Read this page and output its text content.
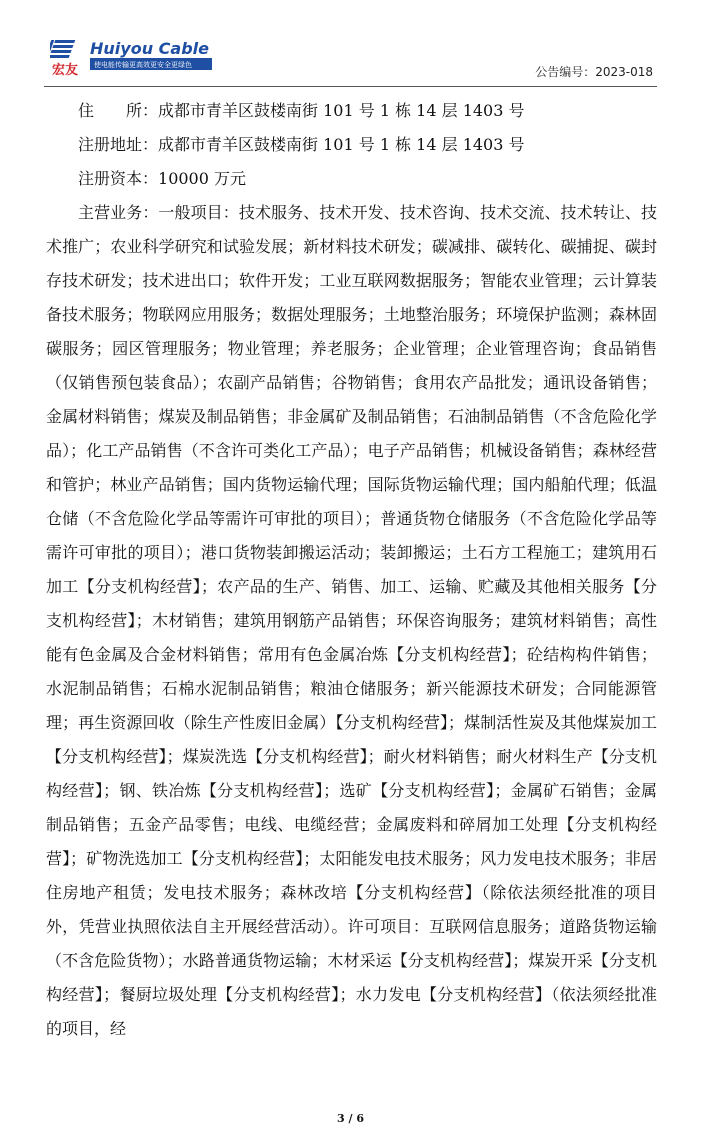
宏友
Huiyou Cable
使电能传输更高效更安全更绿色	公告编号：2023-018
住　　所：成都市青羊区鼓楼南街 101 号 1 栋 14 层 1403 号
注册地址：成都市青羊区鼓楼南街 101 号 1 栋 14 层 1403 号
注册资本：10000 万元

主营业务：一般项目：技术服务、技术开发、技术咨询、技术交流、技术转让、技术推广；农业科学研究和试验发展；新材料技术研发；碳减排、碳转化、碳捕捉、碳封存技术研发；技术进出口；软件开发；工业互联网数据服务；智能农业管理；云计算装备技术服务；物联网应用服务；数据处理服务；土地整治服务；环境保护监测；森林固碳服务；园区管理服务；物业管理；养老服务；企业管理；企业管理咨询；食品销售（仅销售预包装食品）；农副产品销售；谷物销售；食用农产品批发；通讯设备销售；金属材料销售；煤炭及制品销售；非金属矿及制品销售；石油制品销售（不含危险化学品）；化工产品销售（不含许可类化工产品）；电子产品销售；机械设备销售；森林经营和管护；林业产品销售；国内货物运输代理；国际货物运输代理；国内船舶代理；低温仓储（不含危险化学品等需许可审批的项目）；普通货物仓储服务（不含危险化学品等需许可审批的项目）；港口货物装卸搬运活动；装卸搬运；土石方工程施工；建筑用石加工【分支机构经营】；农产品的生产、销售、加工、运输、贮藏及其他相关服务【分支机构经营】；木材销售；建筑用钢筋产品销售；环保咨询服务；建筑材料销售；高性能有色金属及合金材料销售；常用有色金属冶炼【分支机构经营】；砼结构构件销售；水泥制品销售；石棉水泥制品销售；粮油仓储服务；新兴能源技术研发；合同能源管理；再生资源回收（除生产性废旧金属）【分支机构经营】；煤制活性炭及其他煤炭加工【分支机构经营】；煤炭洗选【分支机构经营】；耐火材料销售；耐火材料生产【分支机构经营】；钢、铁冶炼【分支机构经营】；选矿【分支机构经营】；金属矿石销售；金属制品销售；五金产品零售；电线、电缆经营；金属废料和碎屑加工处理【分支机构经营】；矿物洗选加工【分支机构经营】；太阳能发电技术服务；风力发电技术服务；非居住房地产租赁；发电技术服务；森林改培【分支机构经营】（除依法须经批准的项目外，凭营业执照依法自主开展经营活动）。许可项目：互联网信息服务；道路货物运输（不含危险货物）；水路普通货物运输；木材采运【分支机构经营】；煤炭开采【分支机构经营】；餐厨垃圾处理【分支机构经营】；水力发电【分支机构经营】（依法须经批准的项目，经

3 / 6
